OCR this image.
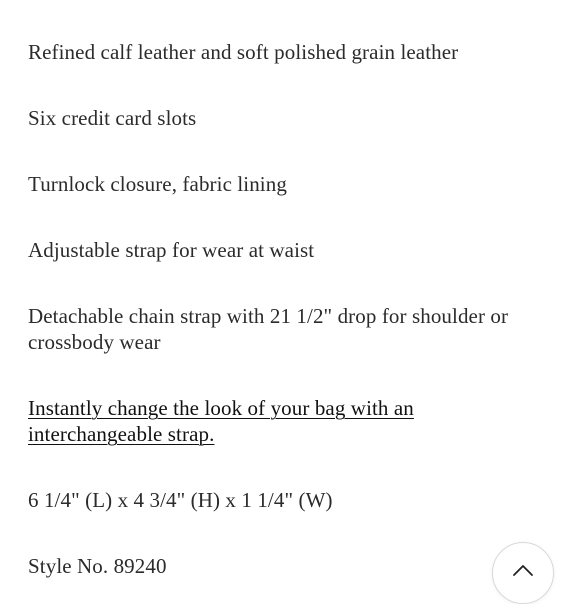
Refined calf leather and soft polished grain leather
Six credit card slots
Turnlock closure, fabric lining
Adjustable strap for wear at waist
Detachable chain strap with 21 1/2" drop for shoulder or crossbody wear
Instantly change the look of your bag with an interchangeable strap.
6 1/4" (L) x 4 3/4" (H) x 1 1/4" (W)
Style No. 89240
